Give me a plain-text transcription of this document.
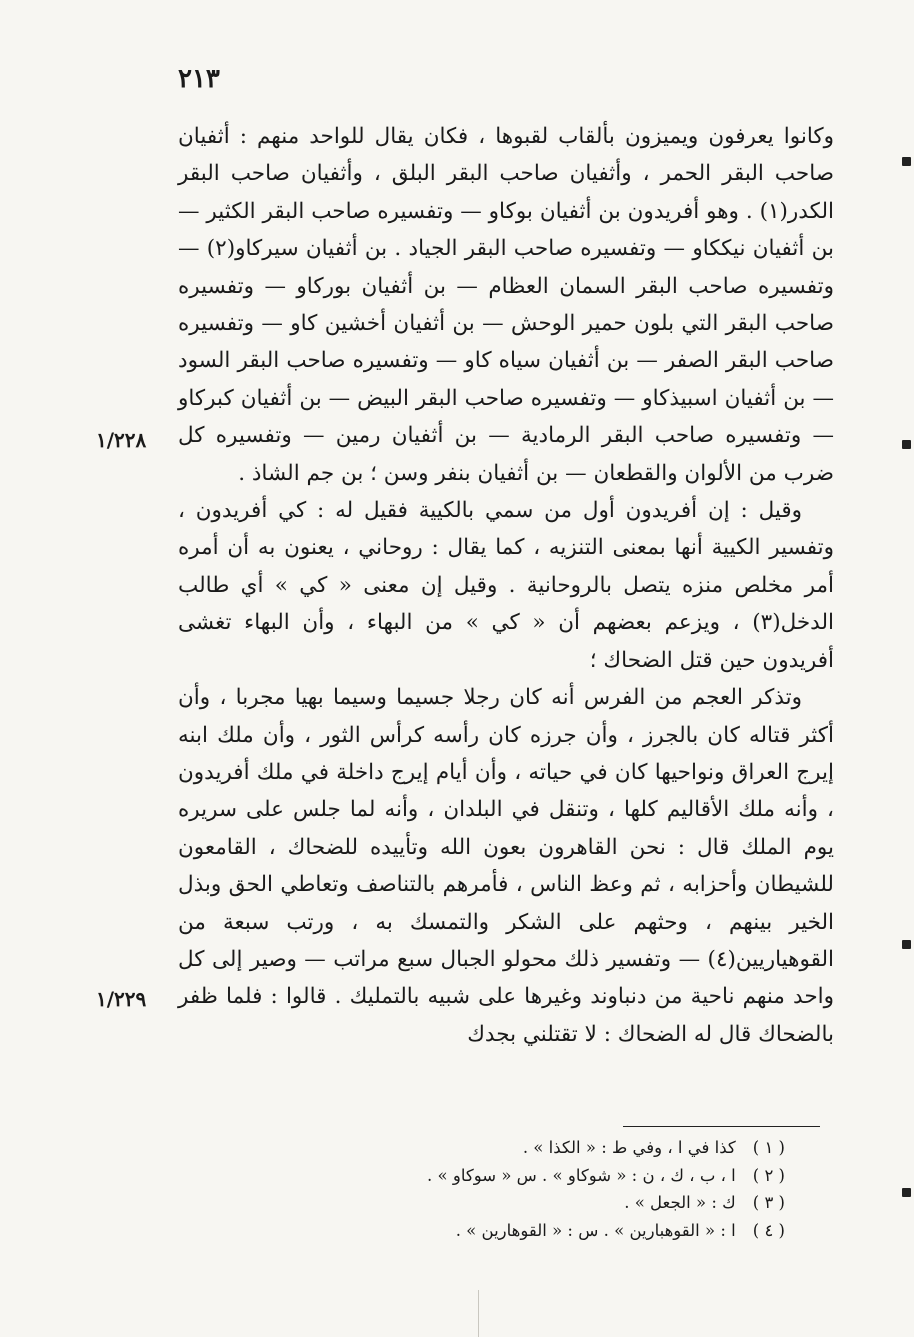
٢١٣

وكانوا يعرفون ويميزون بألقاب لقبوها ، فكان يقال للواحد منهم : أثفيان صاحب البقر الحمر ، وأثفيان صاحب البقر البلق ، وأثفيان صاحب البقر الكدر(١) . وهو أفريدون بن أثفيان بوكاو — وتفسيره صاحب البقر الكثير — بن أثفيان نيككاو — وتفسيره صاحب البقر الجياد . بن أثفيان سيركاو(٢) — وتفسيره صاحب البقر السمان العظام — بن أثفيان بوركاو — وتفسيره صاحب البقر التي بلون حمير الوحش — بن أثفيان أخشين كاو — وتفسيره صاحب البقر الصفر — بن أثفيان سياه كاو — وتفسيره صاحب البقر السود — بن أثفيان اسبيذكاو — وتفسيره صاحب البقر البيض — بن أثفيان كبركاو — وتفسيره صاحب البقر الرمادية — بن أثفيان رمين — وتفسيره كل ضرب من الألوان والقطعان — بن أثفيان بنفر وسن ؛ بن جم الشاذ .

وقيل : إن أفريدون أول من سمي بالكيية فقيل له : كي أفريدون ، وتفسير الكيية أنها بمعنى التنزيه ، كما يقال : روحاني ، يعنون به أن أمره أمر مخلص منزه يتصل بالروحانية . وقيل إن معنى « كي » أي طالب الدخل(٣) ، ويزعم بعضهم أن « كي » من البهاء ، وأن البهاء تغشى أفريدون حين قتل الضحاك ؛

وتذكر العجم من الفرس أنه كان رجلا جسيما وسيما بهيا مجربا ، وأن أكثر قتاله كان بالجرز ، وأن جرزه كان رأسه كرأس الثور ، وأن ملك ابنه إيرج العراق ونواحيها كان في حياته ، وأن أيام إيرج داخلة في ملك أفريدون ، وأنه ملك الأقاليم كلها ، وتنقل في البلدان ، وأنه لما جلس على سريره يوم الملك قال : نحن القاهرون بعون الله وتأييده للضحاك ، القامعون للشيطان وأحزابه ، ثم وعظ الناس ، فأمرهم بالتناصف وتعاطي الحق وبذل الخير بينهم ، وحثهم على الشكر والتمسك به ، ورتب سبعة من القوهياريين(٤) — وتفسير ذلك محولو الجبال سبع مراتب — وصير إلى كل واحد منهم ناحية من دنباوند وغيرها على شبيه بالتمليك . قالوا : فلما ظفر بالضحاك قال له الضحاك : لا تقتلني بجدك

١/٢٢٨
١/٢٢٩
( ١ ) كذا في ا ، وفي ط : « الكذا » .
( ٢ ) ا ، ب ، ك ، ن : « شوكاو » . س « سوكاو » .
( ٣ ) ك : « الجعل » .
( ٤ ) ا : « القوهبارين » . س : « القوهارين » .
